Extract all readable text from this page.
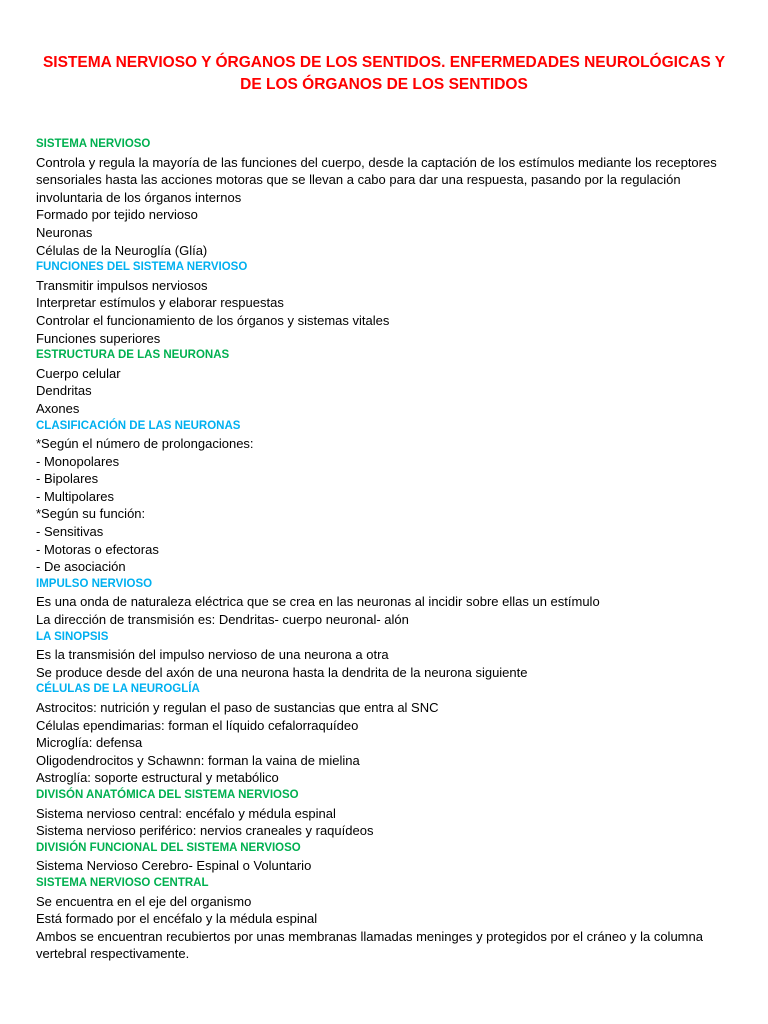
SISTEMA NERVIOSO Y ÓRGANOS DE LOS SENTIDOS. ENFERMEDADES NEUROLÓGICAS Y DE LOS ÓRGANOS DE LOS SENTIDOS
SISTEMA NERVIOSO
Controla y regula la mayoría de las funciones del cuerpo, desde la captación de los estímulos mediante los receptores sensoriales hasta las acciones motoras que se llevan a cabo para dar una respuesta, pasando por la regulación involuntaria de los órganos internos
Formado por tejido nervioso
Neuronas
Células de la Neuroglía (Glía)
FUNCIONES DEL SISTEMA NERVIOSO
Transmitir impulsos nerviosos
Interpretar estímulos y elaborar respuestas
Controlar el funcionamiento de los órganos y sistemas vitales
Funciones superiores
ESTRUCTURA DE LAS NEURONAS
Cuerpo celular
Dendritas
Axones
CLASIFICACIÓN DE LAS NEURONAS
*Según el número de prolongaciones:
- Monopolares
- Bipolares
- Multipolares
*Según su función:
- Sensitivas
- Motoras o efectoras
- De asociación
IMPULSO NERVIOSO
Es una onda de naturaleza eléctrica que se crea en las neuronas al incidir sobre ellas un estímulo
La dirección de transmisión es: Dendritas- cuerpo neuronal- alón
LA SINOPSIS
Es la transmisión del impulso nervioso de una neurona a otra
Se produce desde del axón de una neurona hasta la dendrita de la neurona siguiente
CÉLULAS DE LA NEUROGLÍA
Astrocitos: nutrición y regulan el paso de sustancias que entra al SNC
Células ependimarias: forman el líquido cefalorraquídeo
Microglía: defensa
Oligodendrocitos y Schawnn: forman la vaina de mielina
Astroglía: soporte estructural y metabólico
DIVISÓN ANATÓMICA DEL SISTEMA NERVIOSO
Sistema nervioso central: encéfalo y médula espinal
Sistema nervioso periférico: nervios craneales y raquídeos
DIVISIÓN FUNCIONAL DEL SISTEMA NERVIOSO
Sistema Nervioso Cerebro- Espinal o Voluntario
SISTEMA NERVIOSO CENTRAL
Se encuentra en el eje del organismo
Está formado por el encéfalo y la médula espinal
Ambos se encuentran recubiertos por unas membranas llamadas meninges y protegidos por el cráneo y la columna vertebral respectivamente.
